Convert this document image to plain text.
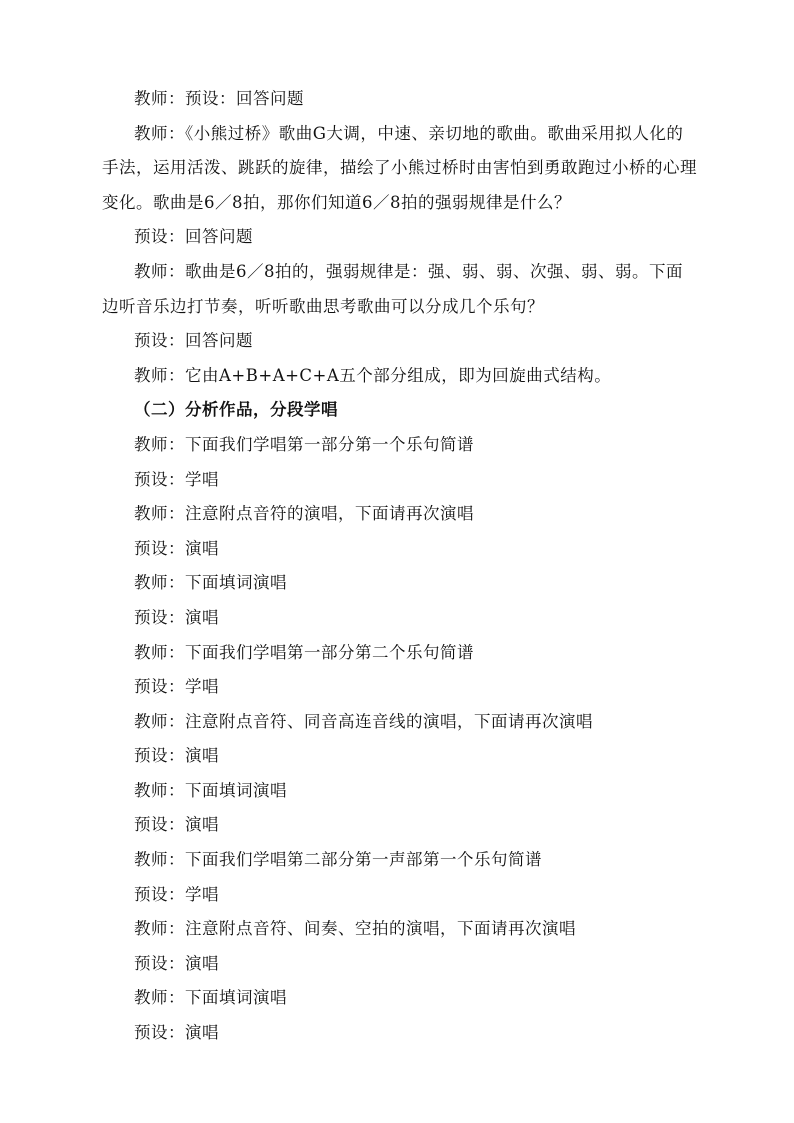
教师：预设：回答问题

教师：《小熊过桥》歌曲G大调，中速、亲切地的歌曲。歌曲采用拟人化的手法，运用活泼、跳跃的旋律，描绘了小熊过桥时由害怕到勇敢跑过小桥的心理变化。歌曲是6／8拍，那你们知道6／8拍的强弱规律是什么？

预设：回答问题

教师：歌曲是6／8拍的，强弱规律是：强、弱、弱、次强、弱、弱。下面边听音乐边打节奏，听听歌曲思考歌曲可以分成几个乐句？

预设：回答问题

教师：它由A+B+A+C+A五个部分组成，即为回旋曲式结构。

（二）分析作品，分段学唱

教师：下面我们学唱第一部分第一个乐句简谱

预设：学唱

教师：注意附点音符的演唱，下面请再次演唱

预设：演唱

教师：下面填词演唱

预设：演唱

教师：下面我们学唱第一部分第二个乐句简谱

预设：学唱

教师：注意附点音符、同音高连音线的演唱，下面请再次演唱

预设：演唱

教师：下面填词演唱

预设：演唱

教师：下面我们学唱第二部分第一声部第一个乐句简谱

预设：学唱

教师：注意附点音符、间奏、空拍的演唱，下面请再次演唱

预设：演唱

教师：下面填词演唱

预设：演唱
